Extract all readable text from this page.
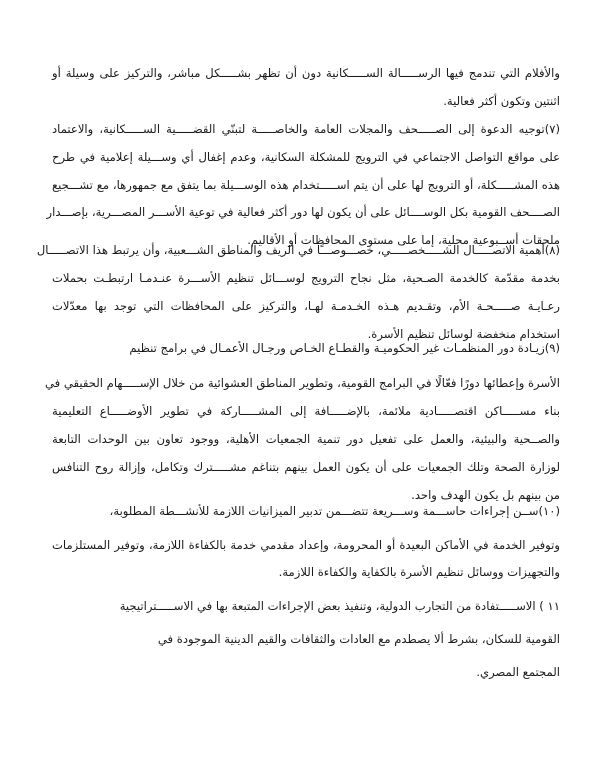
والأفلام التي تندمج فيها الرســـــالة الســـــكانية دون أن تظهر بشـــــكل مباشر، والتركيز على وسيلة أو
اثنتين وتكون أكثر فعالية.
(٧)توجيه الدعوة إلى الصـــــحف والمجلات العامة والخاصـــــة لتبنّي القضـــــية الســـــكانية، والاعتماد
على مواقع التواصل الاجتماعي في الترويج للمشكلة السكانية، وعدم إغفال أي وســـيلة إعلامية في طرح
هذه المشـــــكلة، أو الترويج لها على أن يتم اســـــتخدام هذه الوســـيلة بما يتفق مع جمهورها، مع تشـــجيع
الصــــحف القومية بكل الوســــائل على أن يكون لها دور أكثر فعالية في توعية الأســـر المصـــرية، بإصـــدار
ملحقات أســبوعية محلية، إما على مستوى المحافظات أو الأقاليم.
(٨)أهمية الاتصـــــال الشـــــخصـــــي، خصـــوصـــًا في الريف والمناطق الشـــعبية، وأن يرتبط هذا الاتصـــــال
بخدمة مقدّمة كالخدمة الصـحية، مثل نجاح الترويج لوســـائل تنظيم الأســـرة عنـدمـا ارتبطـت بحملات
رعـايـة صـــــحـة الأم، وتقـديم هـذه الخـدمـة لهـا، والتركيز على المحافظات التي توجد بها معدّلات
استخدام منخفضة لوسائل تنظيم الأسرة.
(٩)زيـادة دور المنظمـات غير الحكوميـة والقطـاع الخـاص ورجـال الأعمـال في برامج تنظيم
الأسرة وإعطائها دورًا فعّالًا في البرامج القومية، وتطوير المناطق العشوائية من خلال الإســـــهام الحقيقي في
بناء مســـــاكن اقتصـــــادية ملائمة، بالإضـــــافة إلى المشـــــاركة في تطوير الأوضـــــاع التعليمية
والصــحية والبيئية، والعمل على تفعيل دور تنمية الجمعيات الأهلية، ووجود تعاون بين الوحدات التابعة
لوزارة الصحة وتلك الجمعيات على أن يكون العمل بينهم بتناغم مشـــــترك وتكامل، وإزالة روح التنافس
من بينهم بل يكون الهدف واحد.
(١٠)ســن إجراءات حاســـمة وســـريعة تتضـــمن تدبير الميزانيات اللازمة للأنشـــطة المطلوبة،
وتوفير الخدمة في الأماكن البعيدة أو المحرومة، وإعداد مقدمي خدمة بالكفاءة اللازمة، وتوفير المستلزمات
والتجهيزات ووسائل تنظيم الأسرة بالكفاية والكفاءة اللازمة.
١١ ) الاســـــتفادة من التجارب الدولية، وتنفيذ بعض الإجراءات المتبعة بها في الاســـــتراتيجية
القومية للسكان، بشرط ألا يصطدم مع العادات والثقافات والقيم الدينية الموجودة في
المجتمع المصري.
